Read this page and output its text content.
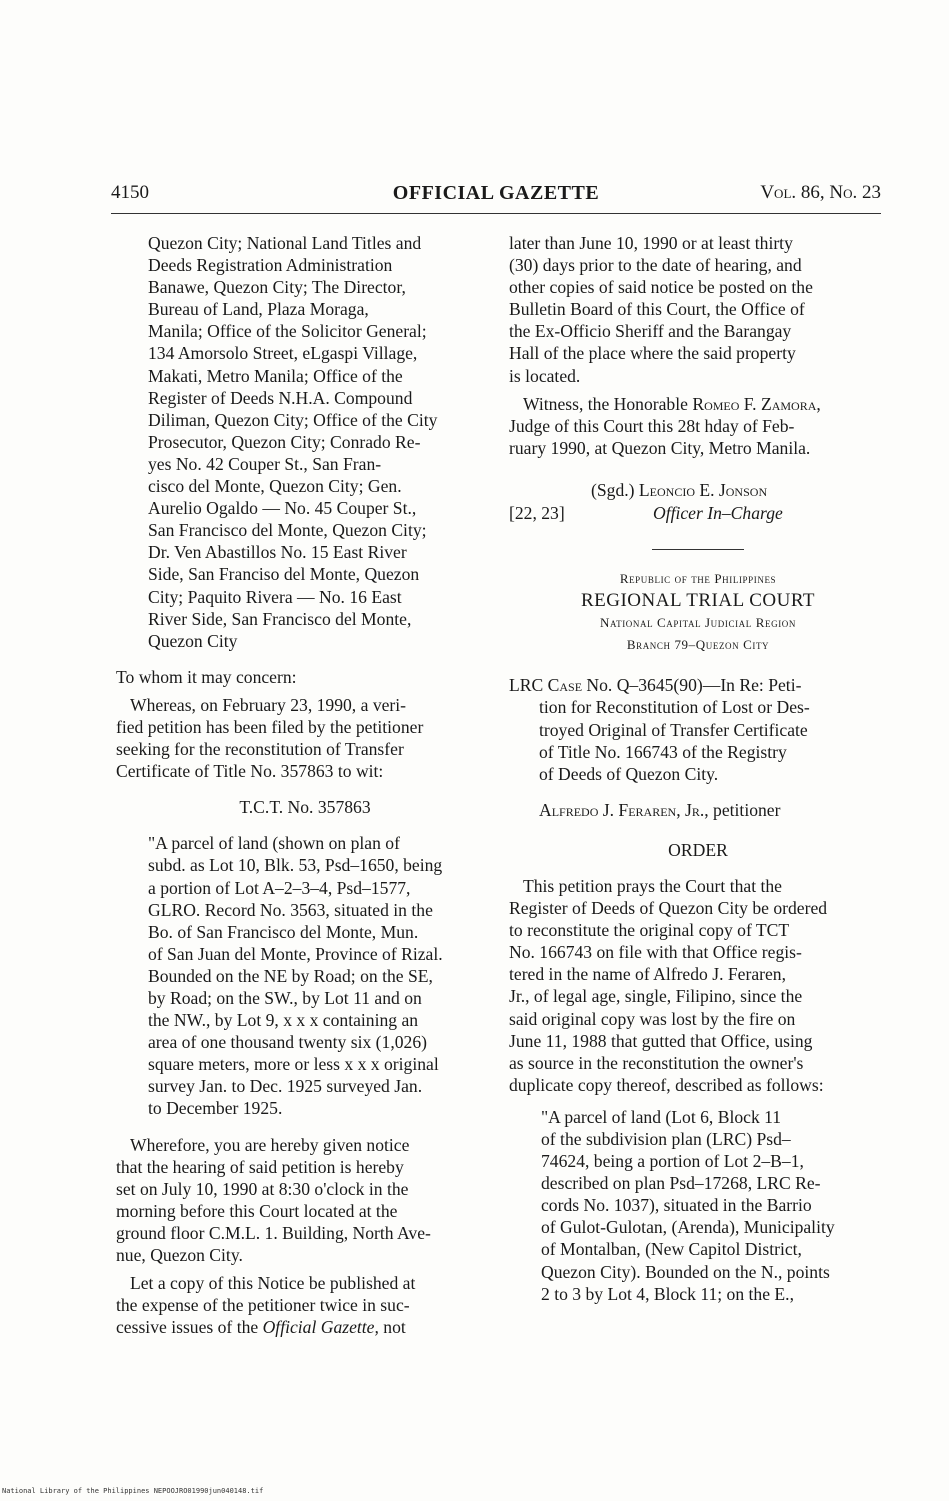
4150	OFFICIAL GAZETTE	Vol. 86, No. 23

Quezon City; National Land Titles and

Deeds Registration Administration

Banawe, Quezon City; The Director,

Bureau of Land, Plaza Moraga,

Manila; Office of the Solicitor General;

134 Amorsolo Street, eLgaspi Village,

Makati, Metro Manila; Office of the

Register of Deeds N.H.A. Compound

Diliman, Quezon City; Office of the City

Prosecutor, Quezon City; Conrado Re-

yes No. 42 Couper St., San Fran-

cisco del Monte, Quezon City; Gen.

Aurelio Ogaldo — No. 45 Couper St.,

San Francisco del Monte, Quezon City;

Dr. Ven Abastillos No. 15 East River

Side, San Franciso del Monte, Quezon

City; Paquito Rivera — No. 16 East

River Side, San Francisco del Monte,

Quezon City

To whom it may concern:

Whereas, on February 23, 1990, a veri-

fied petition has been filed by the petitioner

seeking for the reconstitution of Transfer

Certificate of Title No. 357863 to wit:

T.C.T. No. 357863

"A parcel of land (shown on plan of

subd. as Lot 10, Blk. 53, Psd–1650, being

a portion of Lot A–2–3–4, Psd–1577,

GLRO. Record No. 3563, situated in the

Bo. of San Francisco del Monte, Mun.

of San Juan del Monte, Province of Rizal.

Bounded on the NE by Road; on the SE,

by Road; on the SW., by Lot 11 and on

the NW., by Lot 9, x x x containing an

area of one thousand twenty six (1,026)

square meters, more or less x x x original

survey Jan. to Dec. 1925 surveyed Jan.

to December 1925.

Wherefore, you are hereby given notice

that the hearing of said petition is hereby

set on July 10, 1990 at 8:30 o'clock in the

morning before this Court located at the

ground floor C.M.L. 1. Building, North Ave-

nue, Quezon City.

Let a copy of this Notice be published at

the expense of the petitioner twice in suc-

cessive issues of the Official Gazette, not

later than June 10, 1990 or at least thirty

(30) days prior to the date of hearing, and

other copies of said notice be posted on the

Bulletin Board of this Court, the Office of

the Ex-Officio Sheriff and the Barangay

Hall of the place where the said property

is located.

Witness, the Honorable Romeo F. Zamora,

Judge of this Court this 28t hday of Feb-

ruary 1990, at Quezon City, Metro Manila.

(Sgd.) Leoncio E. Jonson
[22, 23]	Officer In–Charge

Republic of the Philippines

REGIONAL TRIAL COURT

National Capital Judicial Region

Branch 79–Quezon City

LRC Case No. Q–3645(90)—In Re: Peti-

tion for Reconstitution of Lost or Des-

troyed Original of Transfer Certificate

of Title No. 166743 of the Registry

of Deeds of Quezon City.

Alfredo J. Feraren, Jr., petitioner

ORDER

This petition prays the Court that the

Register of Deeds of Quezon City be ordered

to reconstitute the original copy of TCT

No. 166743 on file with that Office regis-

tered in the name of Alfredo J. Feraren,

Jr., of legal age, single, Filipino, since the

said original copy was lost by the fire on

June 11, 1988 that gutted that Office, using

as source in the reconstitution the owner's

duplicate copy thereof, described as follows:

"A parcel of land (Lot 6, Block 11

of the subdivision plan (LRC) Psd–

74624, being a portion of Lot 2–B–1,

described on plan Psd–17268, LRC Re-

cords No. 1037), situated in the Barrio

of Gulot-Gulotan, (Arenda), Municipality

of Montalban, (New Capitol District,

Quezon City). Bounded on the N., points

2 to 3 by Lot 4, Block 11; on the E.,

National Library of the Philippines NEPOOJRO01990jun040148.tif
